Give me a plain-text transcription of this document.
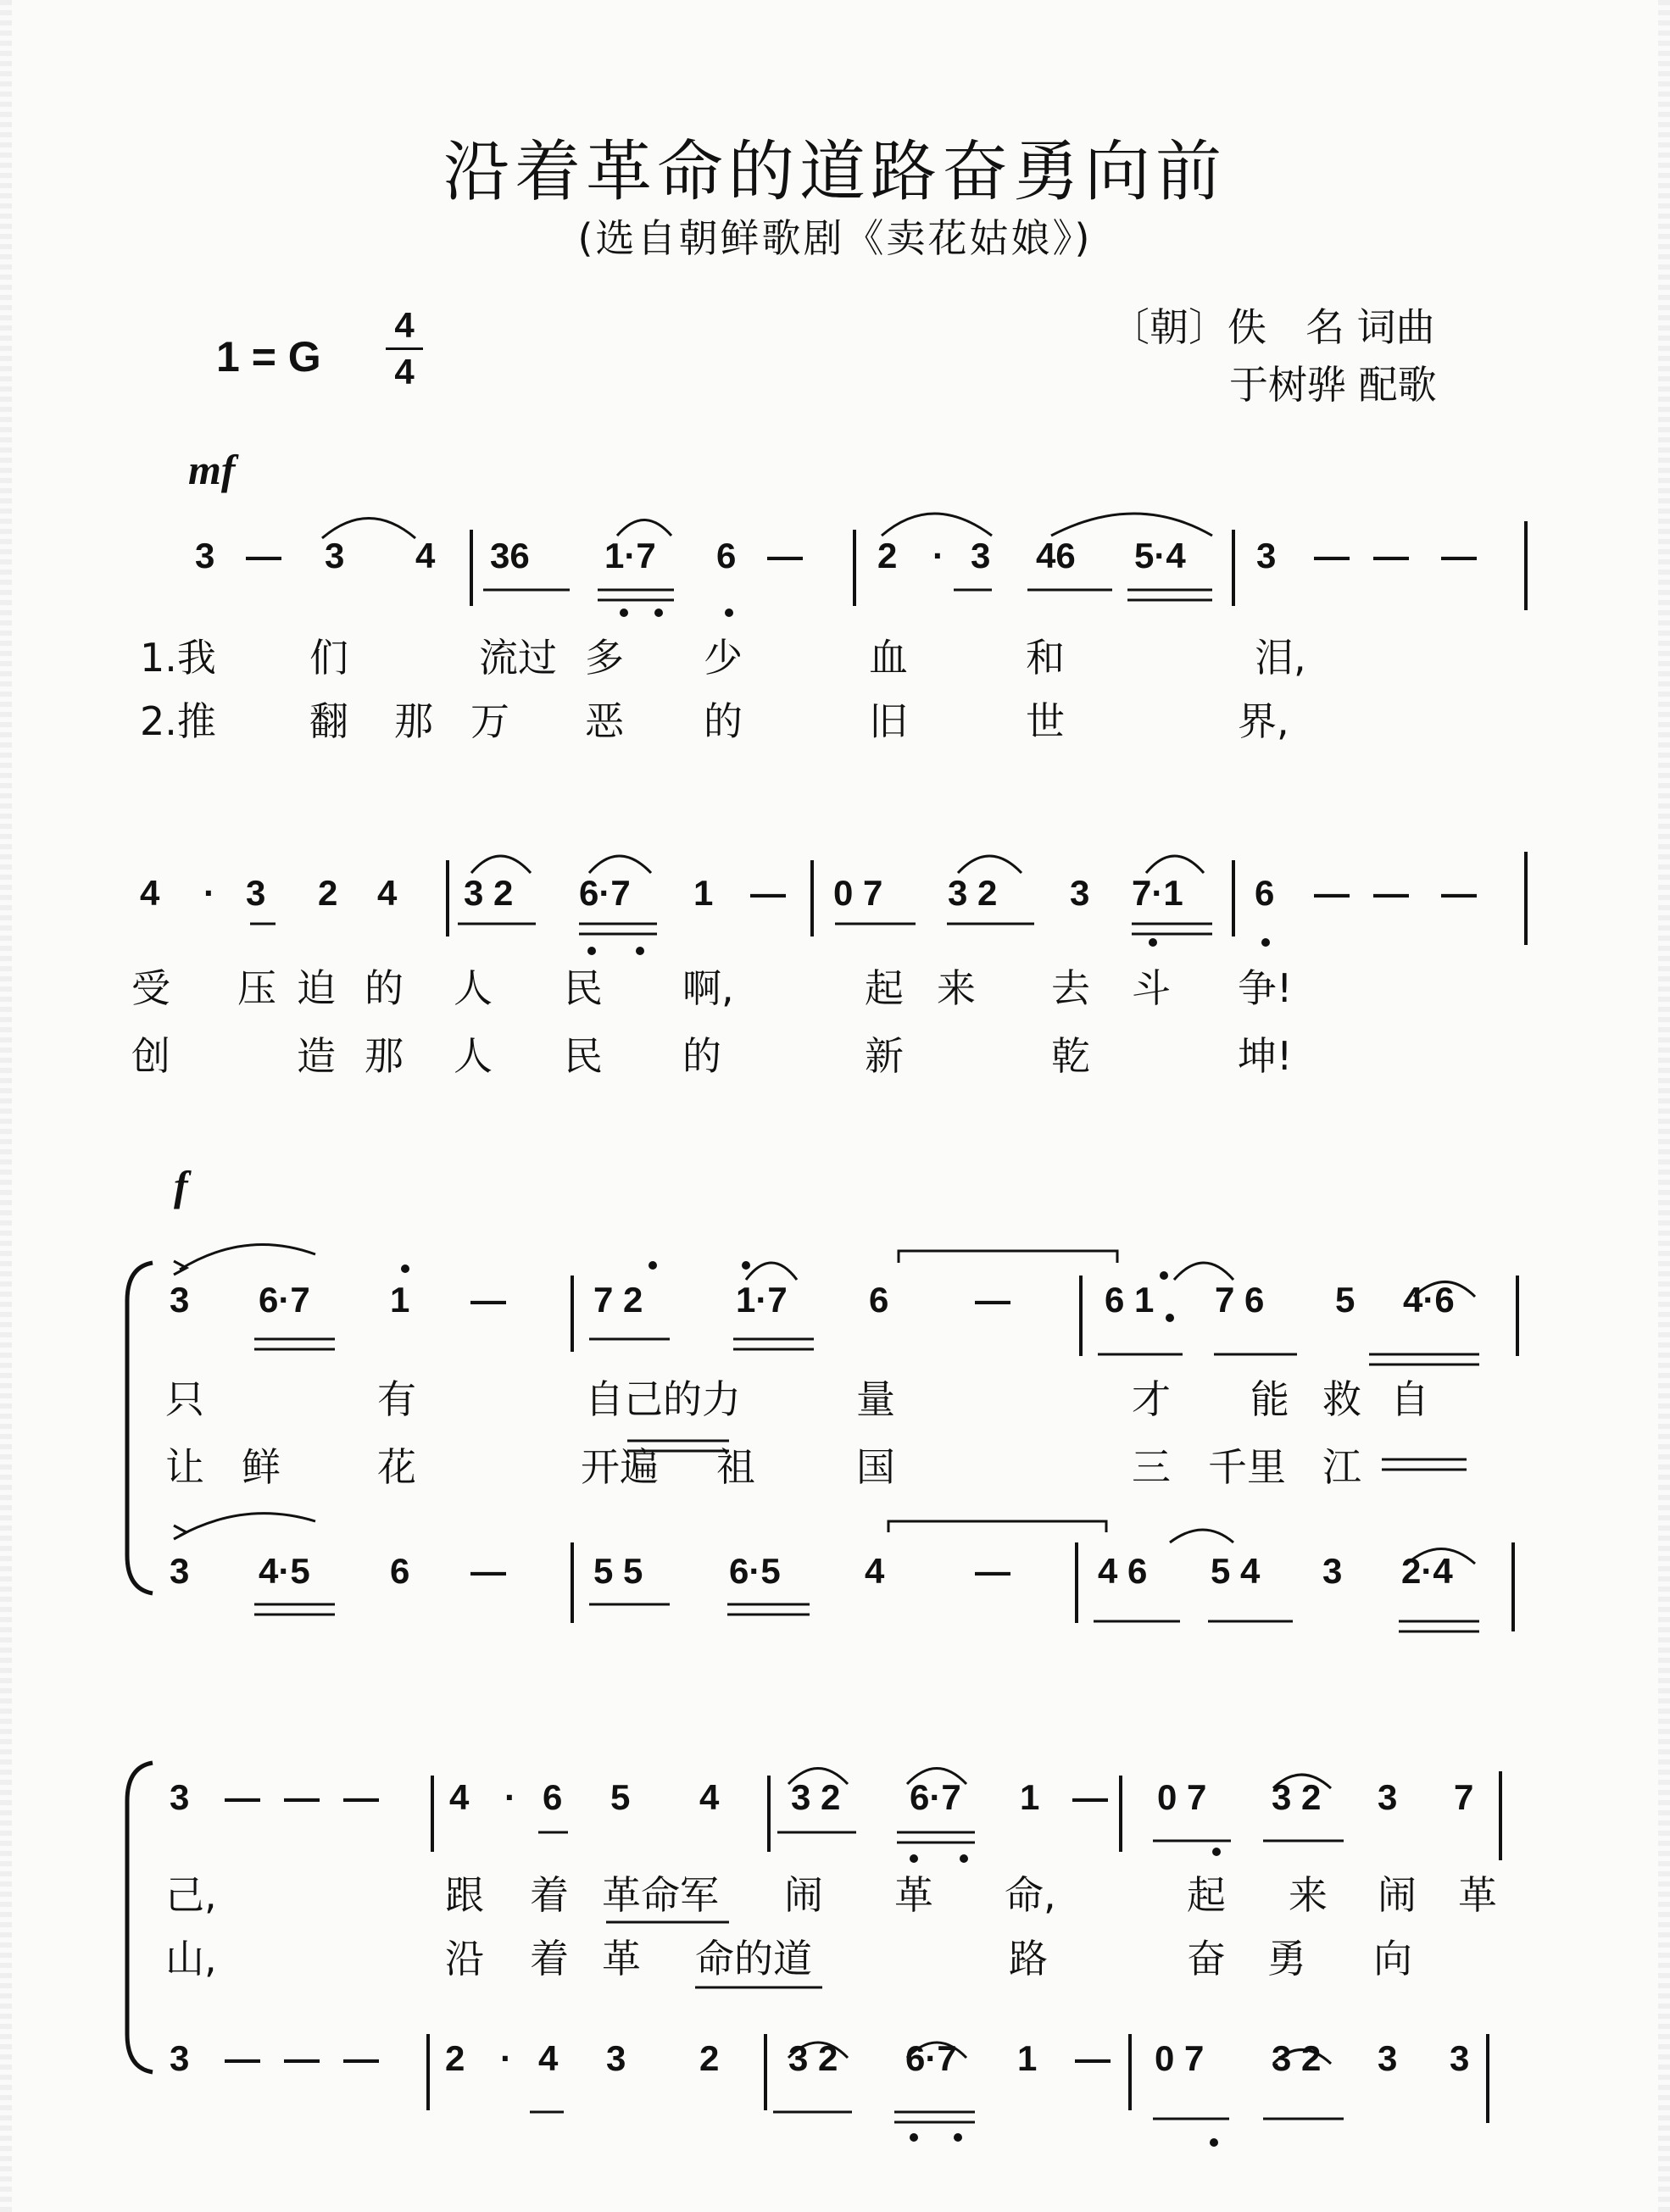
沿着革命的道路奋勇向前
(选自朝鲜歌剧《卖花姑娘》)
1 = G
4
4
〔朝〕佚　名 词曲
于树骅 配歌
mf
f
3 — 3 4 36 1·7 6 — 2 · 3 46 5·4 3 — — —
1.我 们	流过 多 少	血	和	泪,
2.推 翻 那 万 恶 的	旧	世	界,
4 · 3 2 4 3 2 6·7 1 — 0 7 3 2 3 7·1 6 — — —
受 压 迫 的 人 民 啊,	起 来 去 斗 争!
创	造 那 人 民 的	新	乾	坤!
3 6·7 1 — 7 2	1·7 6 —	6 1 7 6 5 4·6
只	有	自己的力	量	才 能 救 自
让 鲜 花	开遍 祖	国	三 千里 江
3 4·5 6 — 5 5 6·5 4	— 4 6 5 4 3 2·4
3 — — — 4 · 6 5 4 3 2 6·7 1 — 0 7 3 2 3 7
己,	跟 着 革命军 闹 革 命,	起 来 闹 革
山,	沿 着 革 命的道	路	奋 勇 向
3 — — — 2 · 4 3 2 3 2 6·7 1 — 0 7 3 2 3 3
